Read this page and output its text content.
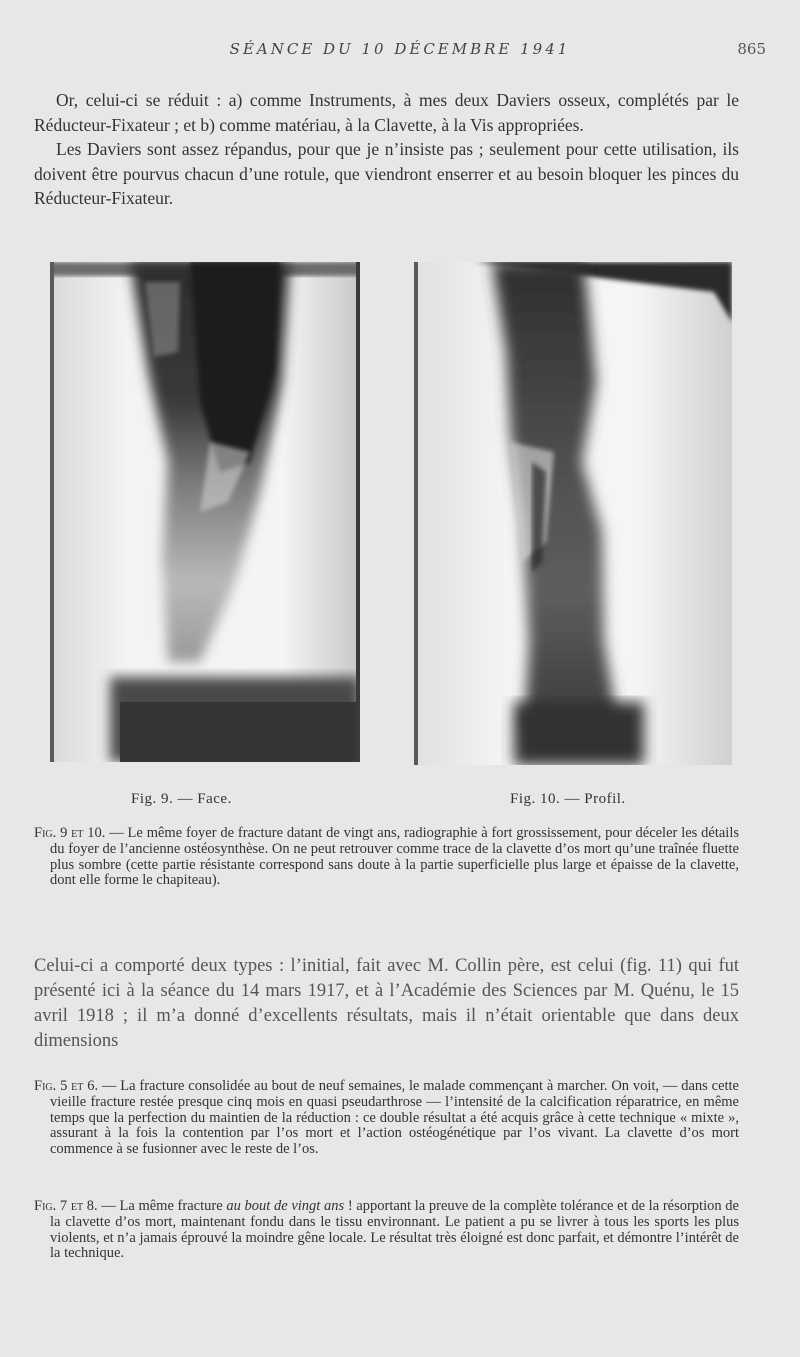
SÉANCE DU 10 DÉCEMBRE 1941	865

Or, celui-ci se réduit : a) comme Instruments, à mes deux Daviers osseux, complétés par le Réducteur-Fixateur ; et b) comme matériau, à la Clavette, à la Vis appropriées.

Les Daviers sont assez répandus, pour que je n’insiste pas ; seulement pour cette utilisation, ils doivent être pourvus chacun d’une rotule, que viendront enserrer et au besoin bloquer les pinces du Réducteur-Fixateur.

Fig. 9. — Face.	Fig. 10. — Profil.

Fig. 9 et 10. — Le même foyer de fracture datant de vingt ans, radiographie à fort grossissement, pour déceler les détails du foyer de l’ancienne ostéosynthèse. On ne peut retrouver comme trace de la clavette d’os mort qu’une traînée fluette plus sombre (cette partie résistante correspond sans doute à la partie superficielle plus large et épaisse de la clavette, dont elle forme le chapiteau).

Celui-ci a comporté deux types : l’initial, fait avec M. Collin père, est celui (fig. 11) qui fut présenté ici à la séance du 14 mars 1917, et à l’Académie des Sciences par M. Quénu, le 15 avril 1918 ; il m’a donné d’excellents résultats, mais il n’était orientable que dans deux dimensions

Fig. 5 et 6. — La fracture consolidée au bout de neuf semaines, le malade commençant à marcher. On voit, — dans cette vieille fracture restée presque cinq mois en quasi pseudarthrose — l’intensité de la calcification réparatrice, en même temps que la perfection du maintien de la réduction : ce double résultat a été acquis grâce à cette technique « mixte », assurant à la fois la contention par l’os mort et l’action ostéogénétique par l’os vivant. La clavette d’os mort commence à se fusionner avec le reste de l’os.

Fig. 7 et 8. — La même fracture au bout de vingt ans ! apportant la preuve de la complète tolérance et de la résorption de la clavette d’os mort, maintenant fondu dans le tissu environnant. Le patient a pu se livrer à tous les sports les plus violents, et n’a jamais éprouvé la moindre gêne locale. Le résultat très éloigné est donc parfait, et démontre l’intérêt de la technique.
